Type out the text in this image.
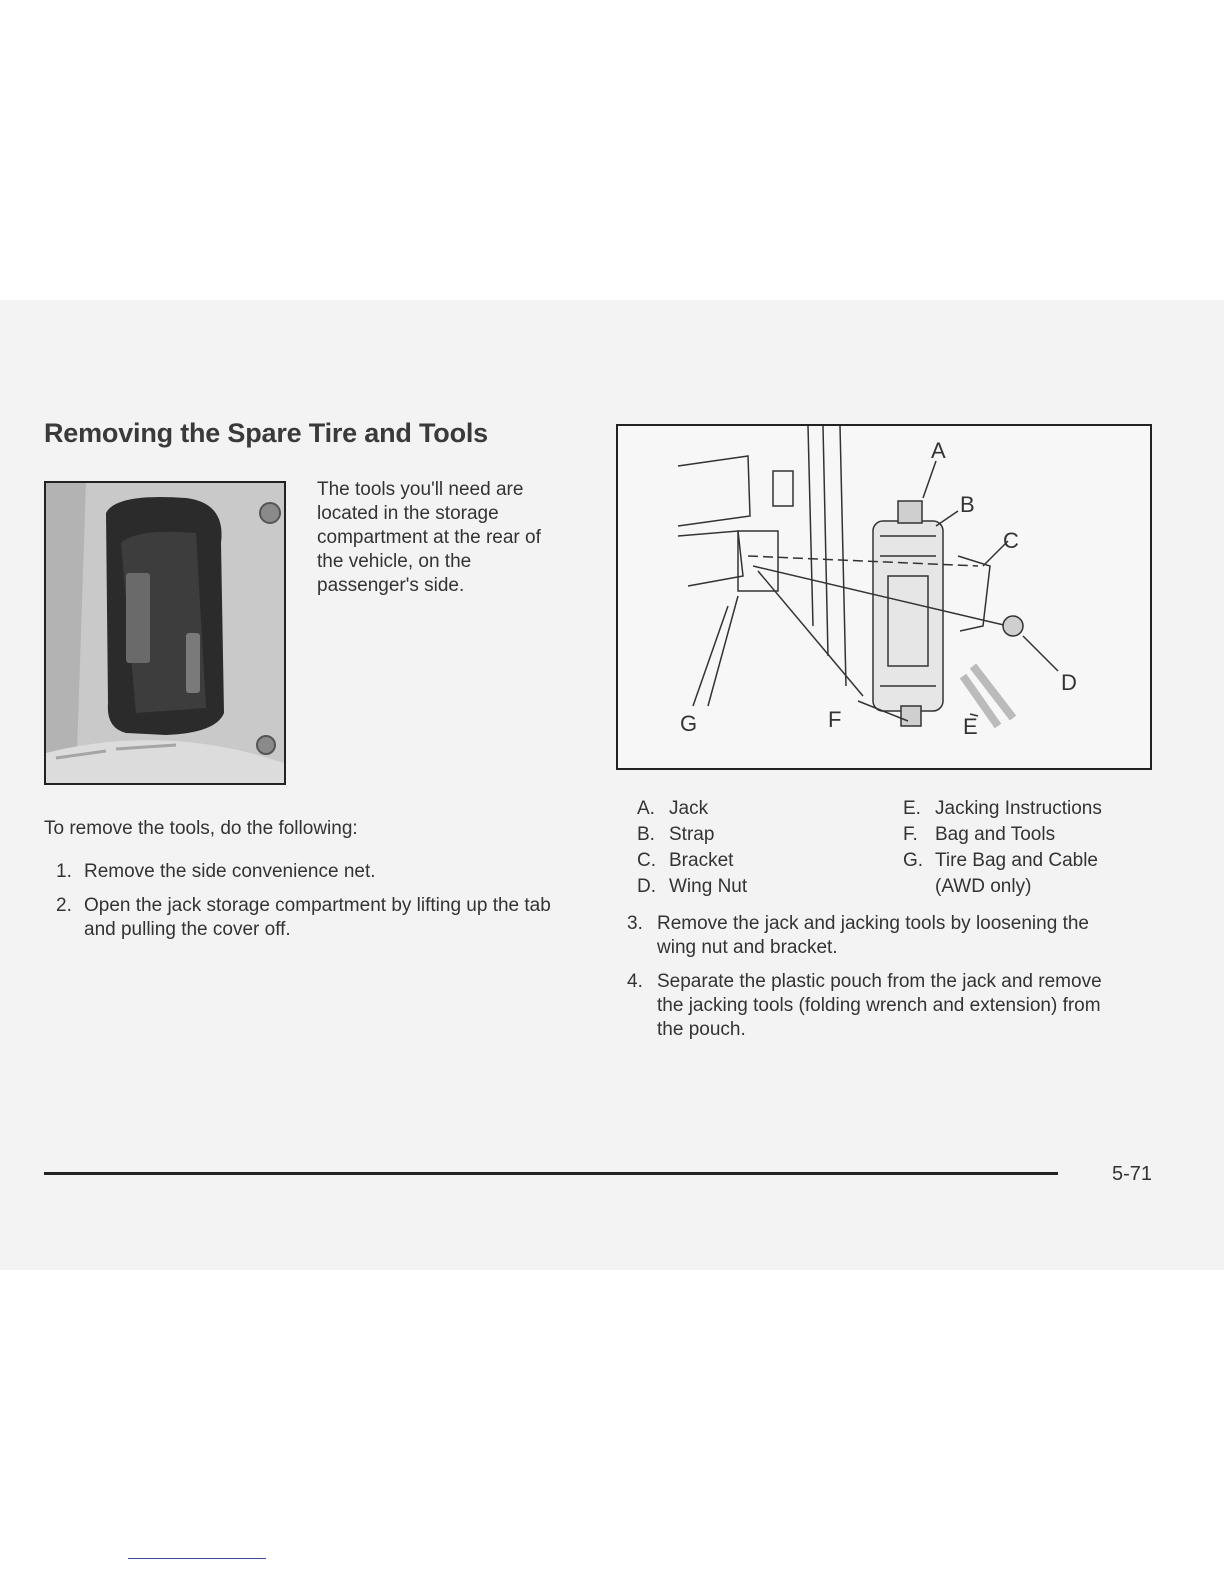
Removing the Spare Tire and Tools

The tools you'll need are located in the storage compartment at the rear of the vehicle, on the passenger's side.

To remove the tools, do the following:

1. Remove the side convenience net.
2. Open the jack storage compartment by lifting up the tab and pulling the cover off.
A
B
C
D
E
F
G
A. Jack
B. Strap
C. Bracket
D. Wing Nut
E. Jacking Instructions
F. Bag and Tools
G. Tire Bag and Cable (AWD only)
3. Remove the jack and jacking tools by loosening the wing nut and bracket.
4. Separate the plastic pouch from the jack and remove the jacking tools (folding wrench and extension) from the pouch.
5-71
